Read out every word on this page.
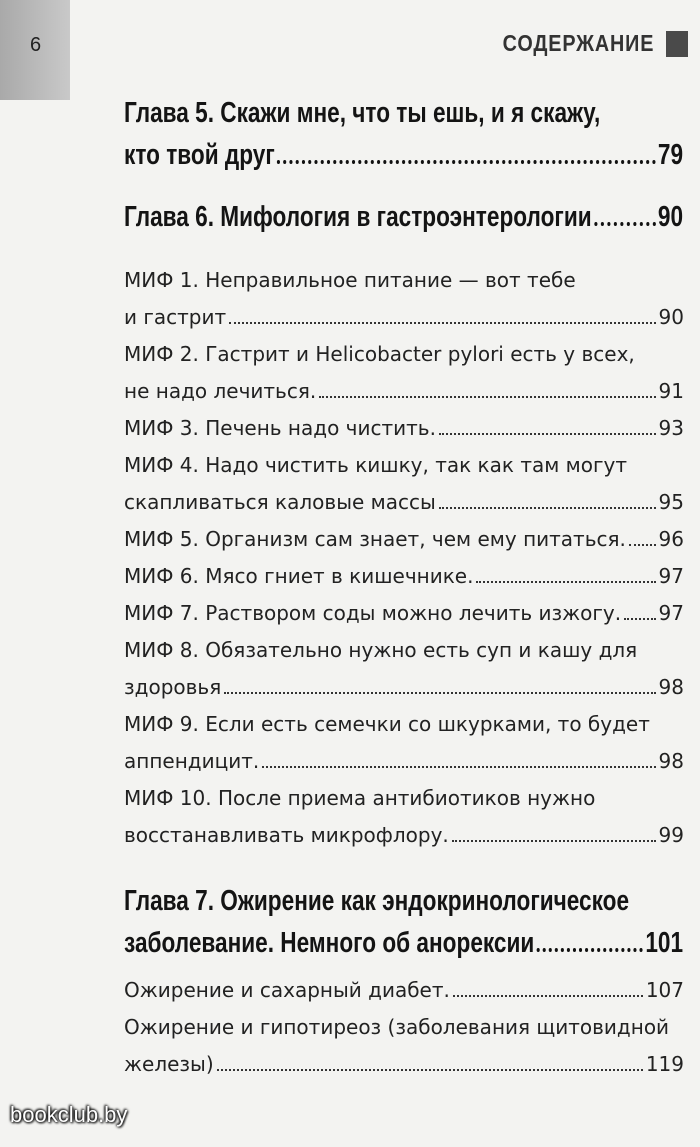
6	СОДЕРЖАНИЕ
Глава 5. Скажи мне, что ты ешь, и я скажу,
кто твой друг	79
Глава 6. Мифология в гастроэнтерологии 90
МИФ 1. Неправильное питание — вот тебе
и гастрит	90
МИФ 2. Гастрит и Helicobacter pylori есть у всех,
не надо лечиться.	91
МИФ 3. Печень надо чистить.	93
МИФ 4. Надо чистить кишку, так как там могут
скапливаться каловые массы	95
МИФ 5. Организм сам знает, чем ему питаться. 96
МИФ 6. Мясо гниет в кишечнике.	97
МИФ 7. Раствором соды можно лечить изжогу. 97
МИФ 8. Обязательно нужно есть суп и кашу для
здоровья	98
МИФ 9. Если есть семечки со шкурками, то будет
аппендицит.	98
МИФ 10. После приема антибиотиков нужно
восстанавливать микрофлору.	99
Глава 7. Ожирение как эндокринологическое
заболевание. Немного об анорексии	101
Ожирение и сахарный диабет.	107
Ожирение и гипотиреоз (заболевания щитовидной
железы)	119
bookclub.by
